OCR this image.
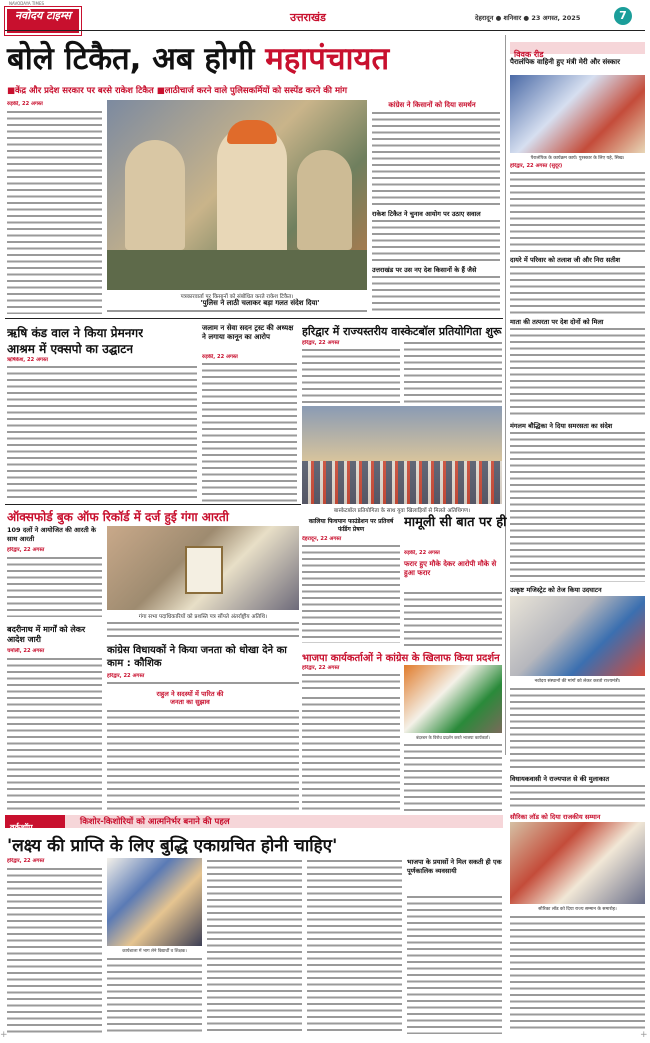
नवोदय टाइम्स
NAVODAYA TIMES
उत्तराखंड	देहरादून ● शनिवार ● 23 अगस्त, 2025	7
बोले टिकैत, अब होगी महापंचायत
■केंद्र और प्रदेश सरकार पर बरसे राकेश टिकैत ■लाठीचार्ज करने वाले पुलिसकर्मियों को सस्पेंड करने की मांग
रुड़की, 22 अगस्त
पत्रकारवार्ता पर किसानों को संबोधित करते राकेश टिकैत।
कांग्रेस ने किसानों को दिया समर्थन
राकेश टिकैत ने चुनाव आयोग पर उठाए सवाल
उत्तराखंड पर उस नए देश किसानों के हैं जैसे
'पुलिस ने लाठी चलाकर बड़ा गलत संदेश दिया'
ऋषि कंड वाल ने किया प्रेमनगर
आश्रम में एक्सपो का उद्घाटन
ऋषिकेश, 22 अगस्त
जलाम न सेवा सदन ट्रस्ट की अध्यक्ष ने लगाया कानून का आरोप
रुड़की, 22 अगस्त
हरिद्वार में राज्यस्तरीय वास्केटबॉल प्रतियोगिता शुरू
हरिद्वार, 22 अगस्त
बास्केटबॉल प्रतियोगिता के साथ युवा खिलाड़ियों से मिलते अतिथिगण।
ऑक्सफोर्ड बुक ऑफ रिकॉर्ड में दर्ज हुई गंगा आरती
109 दलों ने आयोजित की आरती के साथ आरती
हरिद्वार, 22 अगस्त
गंगा सभा पदाधिकारियों को प्रशस्ति पत्र सौंपते अंतर्राष्ट्रीय अतिथि।
बदरीनाथ में मार्गों को लेकर आदेश जारी
चमोली, 22 अगस्त	कांग्रेस विधायकों ने किया जनता को धोखा देने का काम : कौशिक
हरिद्वार, 22 अगस्त
राहुल ने सदस्यों में पारित की जनता का सुझाव
कालिया फिचपान फाउंडेशन पर प्रतिवर्ष फंडिंग प्रेषण
देहरादून, 22 अगस्त
मामूली सी बात पर ही
रुड़की, 22 अगस्त
फरार हुए मौके देकर आरोपी मौके से हुआ फरार
भाजपा कार्यकर्ताओं ने कांग्रेस के खिलाफ किया प्रदर्शन
हरिद्वार, 22 अगस्त
बंदरबन के विरोध प्रदर्शन करते भाजपा कार्यकर्ता।
विवक रीड
पैरालंपिक वाहिनी हुए मंत्री मेरी और संस्कार
पैरालंपिक के कार्यक्रम कार्य। पुरस्कार के लिए यहे, सिख।
हरिद्वार, 22 अगस्त (सुदूर)
दायरे में परिवार को तलाश जी और निरा सतीश
माता की तत्परता पर देश दोनों को मिला
मंगलम बौद्धिका ने दिया समरसता का संदेश
उत्कृष्ट मजिस्ट्रेट को तेज किया उदघाटन
नवोदय संस्थानों की मांगों को लेकर करतो राज्यमंत्री।
विधायकवासी ने राज्यपाल से की मुलाकात
सौरिका लॉड को दिया राजकीय सम्मान
सौरिका लॉड को दिया राज्य सम्मान के समारोह।
वर्कशॉप
किशोर-किशोरियों को आत्मनिर्भर बनाने की पहल
'लक्ष्य की प्राप्ति के लिए बुद्धि एकाग्रचित होनी चाहिए'
हरिद्वार, 22 अगस्त
कार्यशाला में भाग लेने विद्यार्थी व शिक्षक।
भाजपा के प्रयासों ने मिल सकती ही एक पूर्णकालिक व्यवसायी
+	+
